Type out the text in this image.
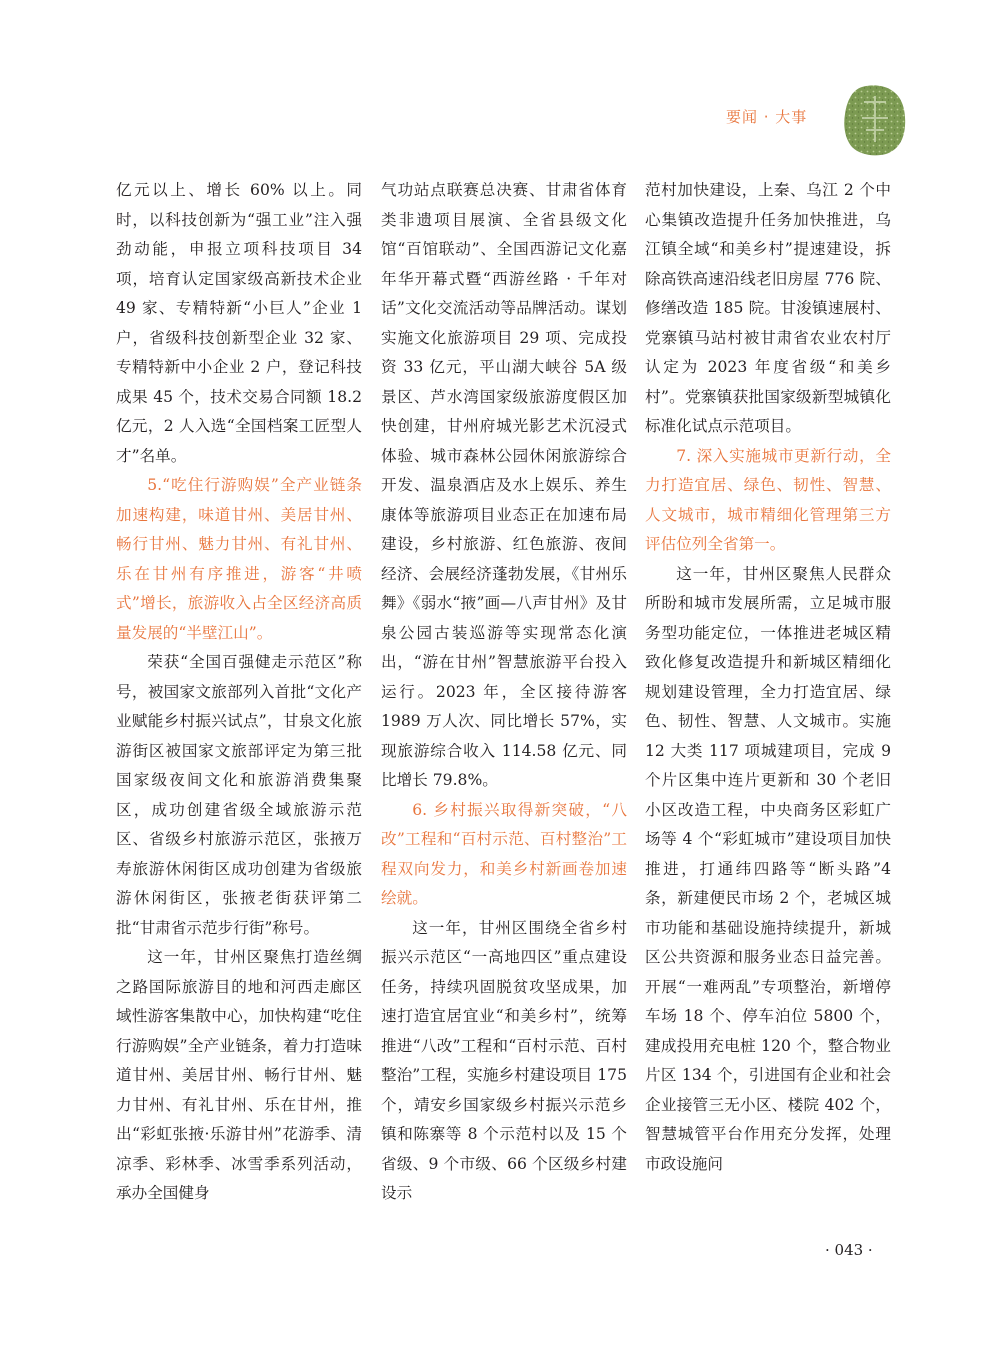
要闻 · 大事

亿元以上、增长 60% 以上。同时，以科技创新为“强工业”注入强劲动能，申报立项科技项目 34 项，培育认定国家级高新技术企业 49 家、专精特新“小巨人”企业 1 户，省级科技创新型企业 32 家、专精特新中小企业 2 户，登记科技成果 45 个，技术交易合同额 18.2 亿元，2 人入选“全国档案工匠型人才”名单。

5.“吃住行游购娱”全产业链条加速构建，味道甘州、美居甘州、畅行甘州、魅力甘州、有礼甘州、乐在甘州有序推进，游客“井喷式”增长，旅游收入占全区经济高质量发展的“半壁江山”。

荣获“全国百强健走示范区”称号，被国家文旅部列入首批“文化产业赋能乡村振兴试点”，甘泉文化旅游街区被国家文旅部评定为第三批国家级夜间文化和旅游消费集聚区，成功创建省级全域旅游示范区、省级乡村旅游示范区，张掖万寿旅游休闲街区成功创建为省级旅游休闲街区，张掖老街获评第二批“甘肃省示范步行街”称号。

这一年，甘州区聚焦打造丝绸之路国际旅游目的地和河西走廊区域性游客集散中心，加快构建“吃住行游购娱”全产业链条，着力打造味道甘州、美居甘州、畅行甘州、魅力甘州、有礼甘州、乐在甘州，推出“彩虹张掖·乐游甘州”花游季、清凉季、彩林季、冰雪季系列活动，承办全国健身

气功站点联赛总决赛、甘肃省体育类非遗项目展演、全省县级文化馆“百馆联动”、全国西游记文化嘉年华开幕式暨“西游丝路 · 千年对话”文化交流活动等品牌活动。谋划实施文化旅游项目 29 项、完成投资 33 亿元，平山湖大峡谷 5A 级景区、芦水湾国家级旅游度假区加快创建，甘州府城光影艺术沉浸式体验、城市森林公园休闲旅游综合开发、温泉酒店及水上娱乐、养生康体等旅游项目业态正在加速布局建设，乡村旅游、红色旅游、夜间经济、会展经济蓬勃发展，《甘州乐舞》《弱水“掖”画—八声甘州》及甘泉公园古装巡游等实现常态化演出，“游在甘州”智慧旅游平台投入运行。2023 年，全区接待游客 1989 万人次、同比增长 57%，实现旅游综合收入 114.58 亿元、同比增长 79.8%。

6. 乡村振兴取得新突破，“八改”工程和“百村示范、百村整治”工程双向发力，和美乡村新画卷加速绘就。

这一年，甘州区围绕全省乡村振兴示范区“一高地四区”重点建设任务，持续巩固脱贫攻坚成果，加速打造宜居宜业“和美乡村”，统筹推进“八改”工程和“百村示范、百村整治”工程，实施乡村建设项目 175 个，靖安乡国家级乡村振兴示范乡镇和陈寨等 8 个示范村以及 15 个省级、9 个市级、66 个区级乡村建设示

范村加快建设，上秦、乌江 2 个中心集镇改造提升任务加快推进，乌江镇全域“和美乡村”提速建设，拆除高铁高速沿线老旧房屋 776 院、修缮改造 185 院。甘浚镇速展村、党寨镇马站村被甘肃省农业农村厅认定为 2023 年度省级“和美乡村”。党寨镇获批国家级新型城镇化标准化试点示范项目。

7. 深入实施城市更新行动，全力打造宜居、绿色、韧性、智慧、人文城市，城市精细化管理第三方评估位列全省第一。

这一年，甘州区聚焦人民群众所盼和城市发展所需，立足城市服务型功能定位，一体推进老城区精致化修复改造提升和新城区精细化规划建设管理，全力打造宜居、绿色、韧性、智慧、人文城市。实施 12 大类 117 项城建项目，完成 9 个片区集中连片更新和 30 个老旧小区改造工程，中央商务区彩虹广场等 4 个“彩虹城市”建设项目加快推进，打通纬四路等“断头路”4 条，新建便民市场 2 个，老城区城市功能和基础设施持续提升，新城区公共资源和服务业态日益完善。开展“一难两乱”专项整治，新增停车场 18 个、停车泊位 5800 个，建成投用充电桩 120 个，整合物业片区 134 个，引进国有企业和社会企业接管三无小区、楼院 402 个，智慧城管平台作用充分发挥，处理市政设施问

· 043 ·
